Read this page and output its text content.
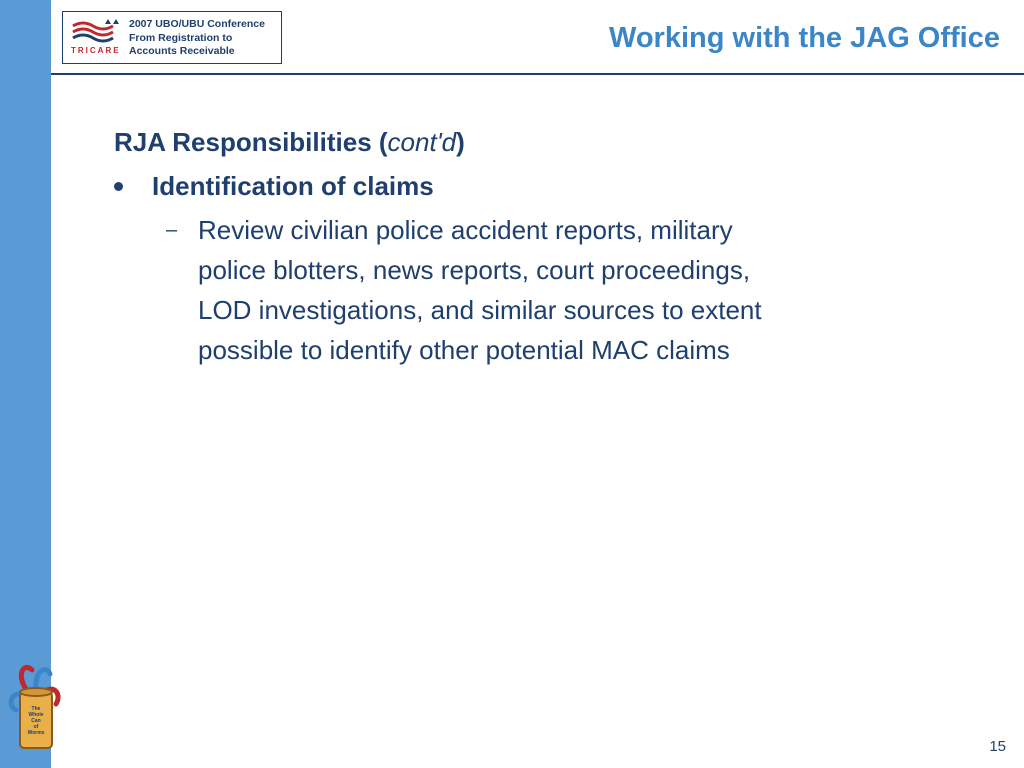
TRICARE
2007 UBO/UBU Conference
From Registration to
Accounts Receivable	Working with the JAG Office
RJA Responsibilities (cont'd)
Identification of claims
– Review civilian police accident reports, military
police blotters, news reports, court proceedings,
LOD investigations, and similar sources to extent
possible to identify other potential MAC claims
The
Whole
Can
of
Worms
15
